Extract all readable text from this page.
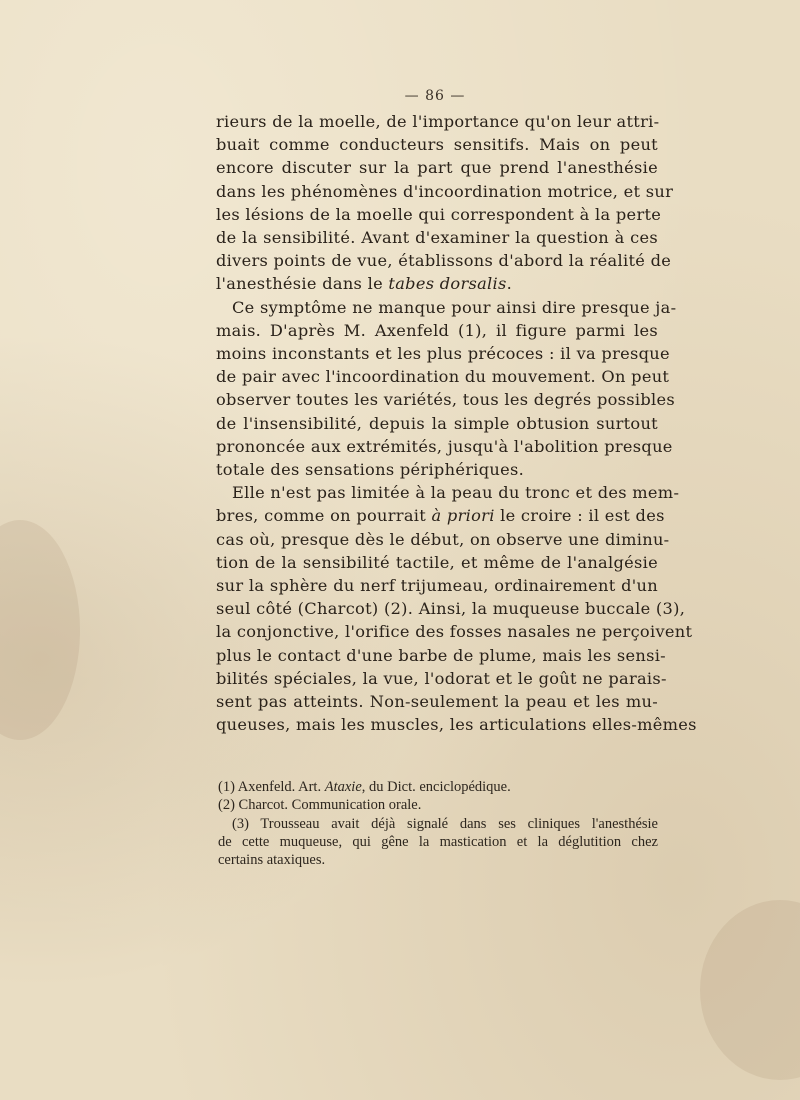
— 86 —
rieurs de la moelle, de l'importance qu'on leur attri-
buait comme conducteurs sensitifs. Mais on peut
encore discuter sur la part que prend l'anesthésie
dans les phénomènes d'incoordination motrice, et sur
les lésions de la moelle qui correspondent à la perte
de la sensibilité. Avant d'examiner la question à ces
divers points de vue, établissons d'abord la réalité de
l'anesthésie dans le tabes dorsalis.
Ce symptôme ne manque pour ainsi dire presque ja-
mais. D'après M. Axenfeld (1), il figure parmi les
moins inconstants et les plus précoces : il va presque
de pair avec l'incoordination du mouvement. On peut
observer toutes les variétés, tous les degrés possibles
de l'insensibilité, depuis la simple obtusion surtout
prononcée aux extrémités, jusqu'à l'abolition presque
totale des sensations périphériques.
Elle n'est pas limitée à la peau du tronc et des mem-
bres, comme on pourrait à priori le croire : il est des
cas où, presque dès le début, on observe une diminu-
tion de la sensibilité tactile, et même de l'analgésie
sur la sphère du nerf trijumeau, ordinairement d'un
seul côté (Charcot) (2). Ainsi, la muqueuse buccale (3),
la conjonctive, l'orifice des fosses nasales ne perçoivent
plus le contact d'une barbe de plume, mais les sensi-
bilités spéciales, la vue, l'odorat et le goût ne parais-
sent pas atteints. Non-seulement la peau et les mu-
queuses, mais les muscles, les articulations elles-mêmes
(1) Axenfeld. Art. Ataxie, du Dict. enciclopédique.
(2) Charcot. Communication orale.
(3) Trousseau avait déjà signalé dans ses cliniques l'anesthésie
de cette muqueuse, qui gêne la mastication et la déglutition chez
certains ataxiques.
